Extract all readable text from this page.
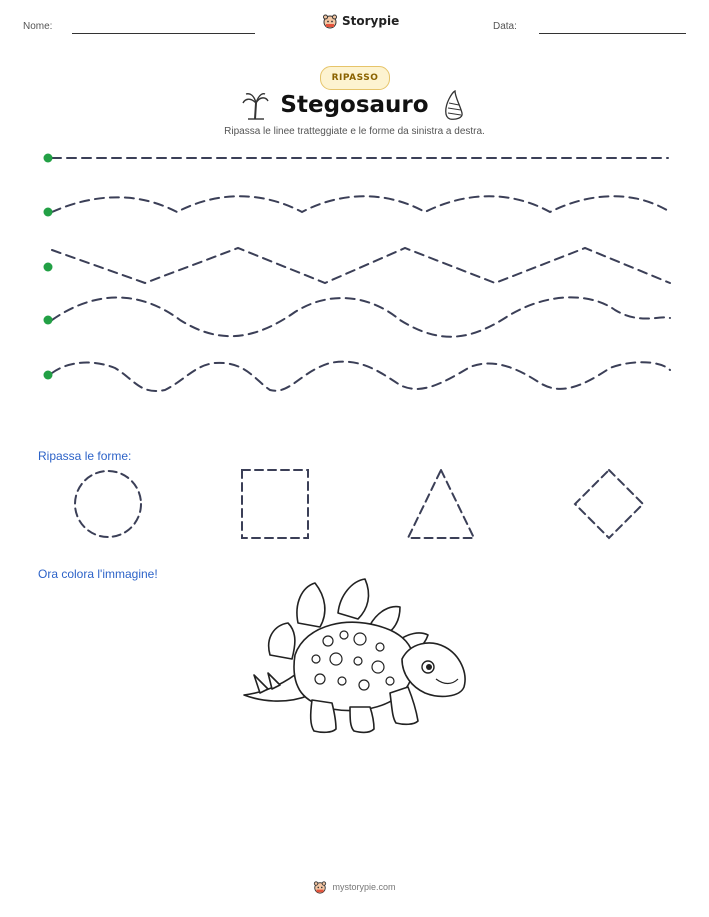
Nome:	Storypie	Data:
RIPASSO
Stegosauro
Ripassa le linee tratteggiate e le forme da sinistra a destra.
Ripassa le forme:
Ora colora l'immagine!
mystorypie.com
